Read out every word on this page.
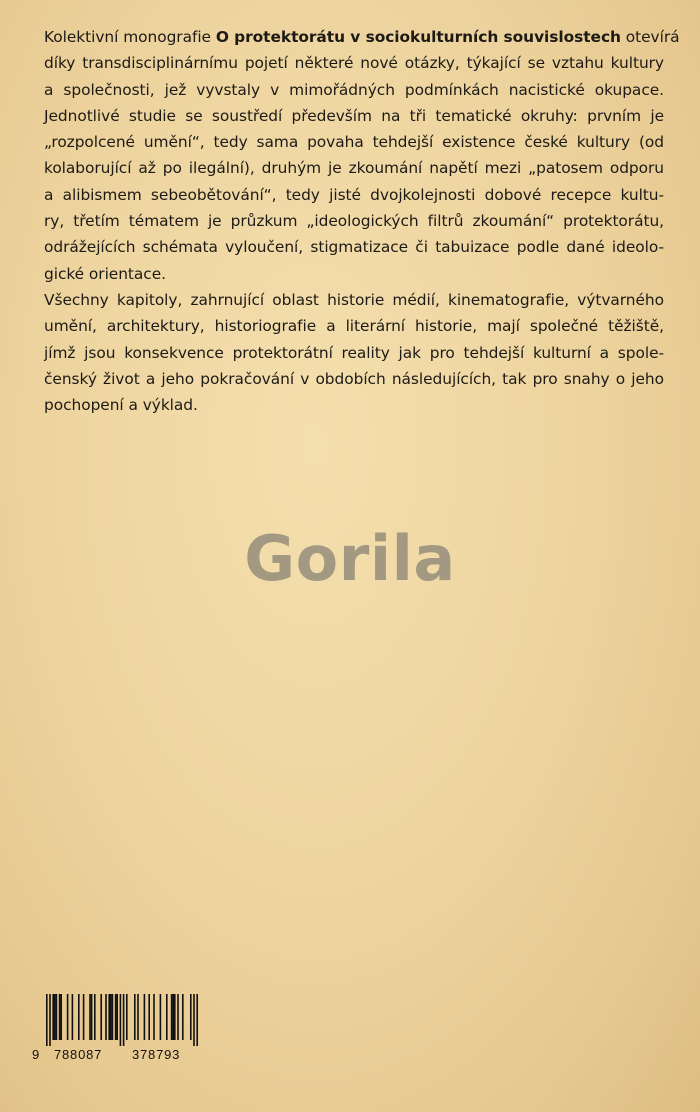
Kolektivní monografie O protektorátu v sociokulturních souvislostech otevírá
díky transdisciplinárnímu pojetí některé nové otázky, týkající se vztahu kultury
a společnosti, jež vyvstaly v mimořádných podmínkách nacistické okupace.
Jednotlivé studie se soustředí především na tři tematické okruhy: prvním je
„rozpolcené umění“, tedy sama povaha tehdejší existence české kultury (od
kolaborující až po ilegální), druhým je zkoumání napětí mezi „patosem odporu
a alibismem sebeobětování“, tedy jisté dvojkolejnosti dobové recepce kultu-
ry, třetím tématem je průzkum „ideologických filtrů zkoumání“ protektorátu,
odrážejících schémata vyloučení, stigmatizace či tabuizace podle dané ideolo-
gické orientace.
Všechny kapitoly, zahrnující oblast historie médií, kinematografie, výtvarného
umění, architektury, historiografie a literární historie, mají společné těžiště,
jímž jsou konsekvence protektorátní reality jak pro tehdejší kulturní a spole-
čenský život a jeho pokračování v obdobích následujících, tak pro snahy o jeho
pochopení a výklad.
Gorila
9 788087 378793
